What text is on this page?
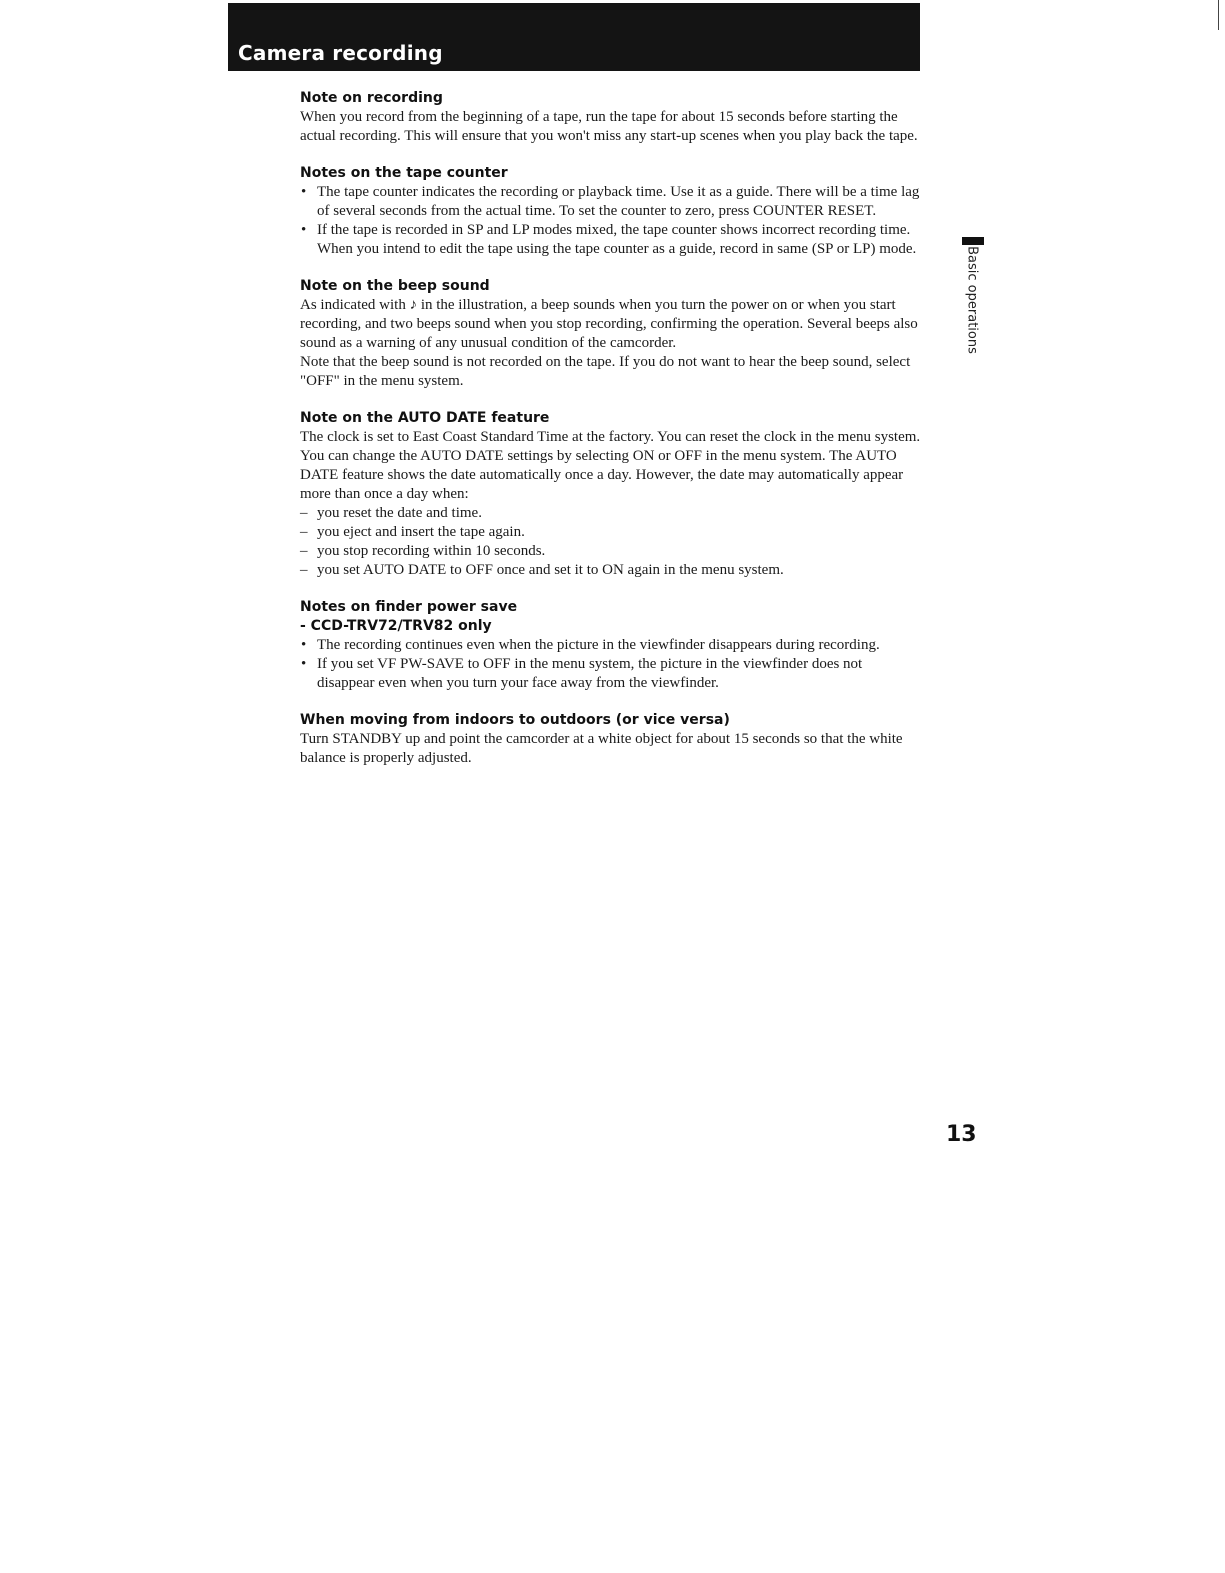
Camera recording
Note on recording

When you record from the beginning of a tape, run the tape for about 15 seconds before starting the actual recording. This will ensure that you won't miss any start-up scenes when you play back the tape.

Notes on the tape counter
• The tape counter indicates the recording or playback time. Use it as a guide. There will be a time lag of several seconds from the actual time. To set the counter to zero, press COUNTER RESET.
• If the tape is recorded in SP and LP modes mixed, the tape counter shows incorrect recording time. When you intend to edit the tape using the tape counter as a guide, record in same (SP or LP) mode.
Note on the beep sound

As indicated with ♪ in the illustration, a beep sounds when you turn the power on or when you start recording, and two beeps sound when you stop recording, confirming the operation. Several beeps also sound as a warning of any unusual condition of the camcorder.

Note that the beep sound is not recorded on the tape. If you do not want to hear the beep sound, select "OFF" in the menu system.

Note on the AUTO DATE feature

The clock is set to East Coast Standard Time at the factory. You can reset the clock in the menu system. You can change the AUTO DATE settings by selecting ON or OFF in the menu system. The AUTO DATE feature shows the date automatically once a day. However, the date may automatically appear more than once a day when:

– you reset the date and time.
– you eject and insert the tape again.
– you stop recording within 10 seconds.
– you set AUTO DATE to OFF once and set it to ON again in the menu system.
Notes on finder power save
- CCD-TRV72/TRV82 only
• The recording continues even when the picture in the viewfinder disappears during recording.
• If you set VF PW-SAVE to OFF in the menu system, the picture in the viewfinder does not disappear even when you turn your face away from the viewfinder.
When moving from indoors to outdoors (or vice versa)

Turn STANDBY up and point the camcorder at a white object for about 15 seconds so that the white balance is properly adjusted.

Basic operations
13
